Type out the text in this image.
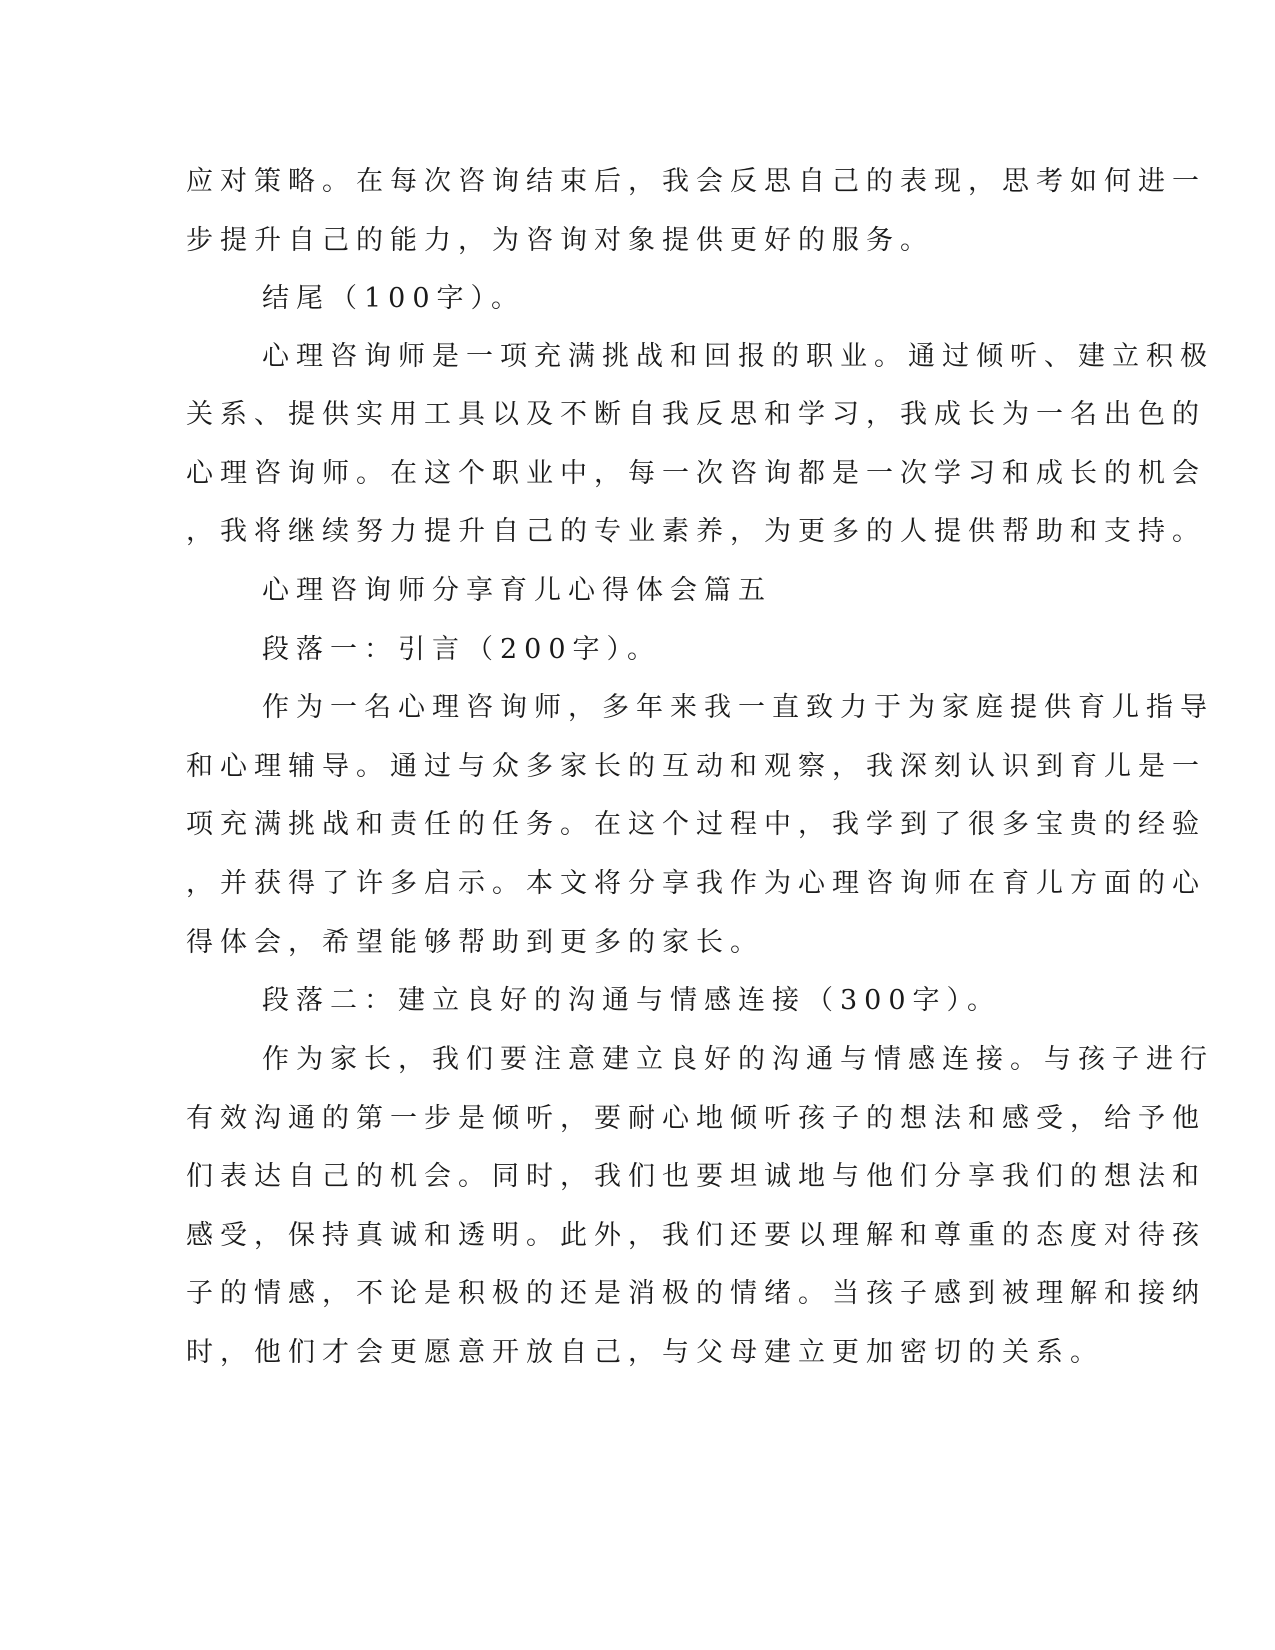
应对策略。在每次咨询结束后，我会反思自己的表现，思考如何进一

步提升自己的能力，为咨询对象提供更好的服务。

结尾（100字）。

心理咨询师是一项充满挑战和回报的职业。通过倾听、建立积极

关系、提供实用工具以及不断自我反思和学习，我成长为一名出色的

心理咨询师。在这个职业中，每一次咨询都是一次学习和成长的机会

，我将继续努力提升自己的专业素养，为更多的人提供帮助和支持。

心理咨询师分享育儿心得体会篇五

段落一：引言（200字）。

作为一名心理咨询师，多年来我一直致力于为家庭提供育儿指导

和心理辅导。通过与众多家长的互动和观察，我深刻认识到育儿是一

项充满挑战和责任的任务。在这个过程中，我学到了很多宝贵的经验

，并获得了许多启示。本文将分享我作为心理咨询师在育儿方面的心

得体会，希望能够帮助到更多的家长。

段落二：建立良好的沟通与情感连接（300字）。

作为家长，我们要注意建立良好的沟通与情感连接。与孩子进行

有效沟通的第一步是倾听，要耐心地倾听孩子的想法和感受，给予他

们表达自己的机会。同时，我们也要坦诚地与他们分享我们的想法和

感受，保持真诚和透明。此外，我们还要以理解和尊重的态度对待孩

子的情感，不论是积极的还是消极的情绪。当孩子感到被理解和接纳

时，他们才会更愿意开放自己，与父母建立更加密切的关系。
